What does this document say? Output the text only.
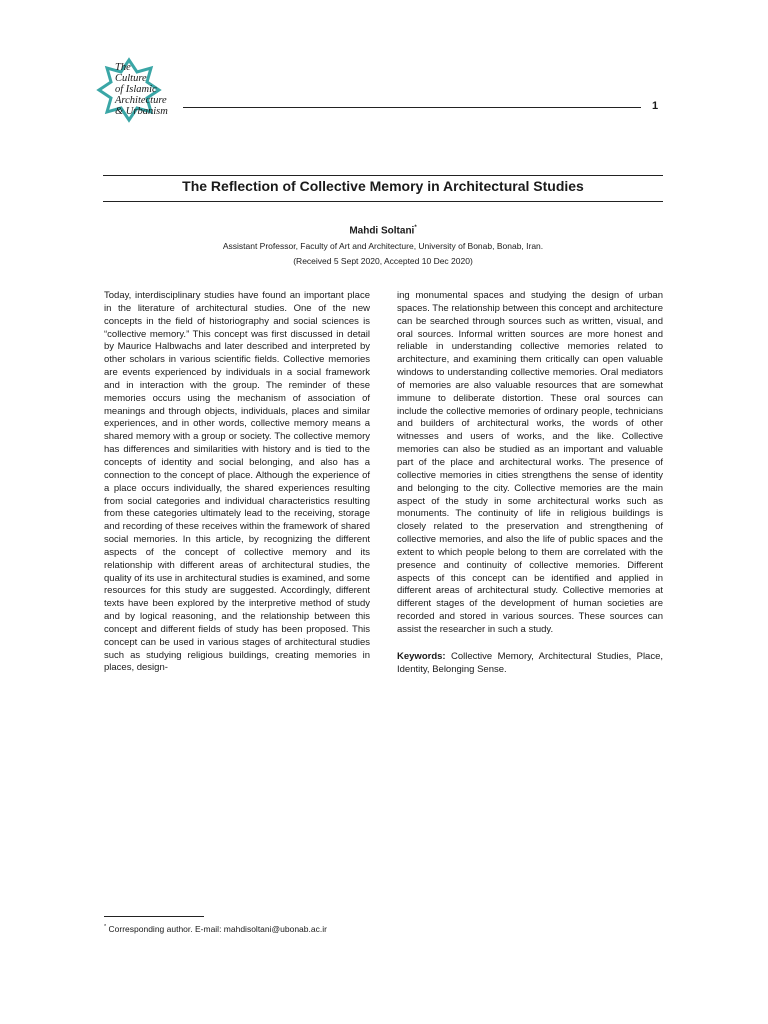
The
Culture
of Islamic
Architecture
& Urbanism	1
The Reflection of Collective Memory in Architectural Studies
Mahdi Soltani*
Assistant Professor, Faculty of Art and Architecture, University of Bonab, Bonab, Iran.
(Received 5 Sept 2020, Accepted 10 Dec 2020)
Today, interdisciplinary studies have found an important place in the literature of architectural studies. One of the new concepts in the field of historiography and social sciences is “collective memory.” This concept was first discussed in detail by Maurice Halbwachs and later described and interpreted by other scholars in various scientific fields. Collective memories are events experienced by individuals in a social framework and in interaction with the group. The reminder of these memories occurs using the mechanism of association of meanings and through objects, individuals, places and similar experiences, and in other words, collective memory means a shared memory with a group or society. The collective memory has differences and similarities with history and is tied to the concepts of identity and social belonging, and also has a connection to the concept of place. Although the experience of a place occurs individually, the shared experiences resulting from social categories and individual characteristics resulting from these categories ultimately lead to the receiving, storage and recording of these receives within the framework of shared social memories. In this article, by recognizing the different aspects of the concept of collective memory and its relationship with different areas of architectural studies, the quality of its use in architectural studies is examined, and some resources for this study are suggested. Accordingly, different texts have been explored by the interpretive method of study and by logical reasoning, and the relationship between this concept and different fields of study has been proposed. This concept can be used in various stages of architectural studies such as studying religious buildings, creating memories in places, design-
ing monumental spaces and studying the design of urban spaces. The relationship between this concept and architecture can be searched through sources such as written, visual, and oral sources. Informal written sources are more honest and reliable in understanding collective memories related to architecture, and examining them critically can open valuable windows to understanding collective memories. Oral mediators of memories are also valuable resources that are somewhat immune to deliberate distortion. These oral sources can include the collective memories of ordinary people, technicians and builders of architectural works, the words of other witnesses and users of works, and the like. Collective memories can also be studied as an important and valuable part of the place and architectural works. The presence of collective memories in cities strengthens the sense of identity and belonging to the city. Collective memories are the main aspect of the study in some architectural works such as monuments. The continuity of life in religious buildings is closely related to the preservation and strengthening of collective memories, and also the life of public spaces and the extent to which people belong to them are correlated with the presence and continuity of collective memories. Different aspects of this concept can be identified and applied in different areas of architectural study. Collective memories at different stages of the development of human societies are recorded and stored in various sources. These sources can assist the researcher in such a study.
Keywords: Collective Memory, Architectural Studies, Place, Identity, Belonging Sense.
* Corresponding author. E-mail: mahdisoltani@ubonab.ac.ir
